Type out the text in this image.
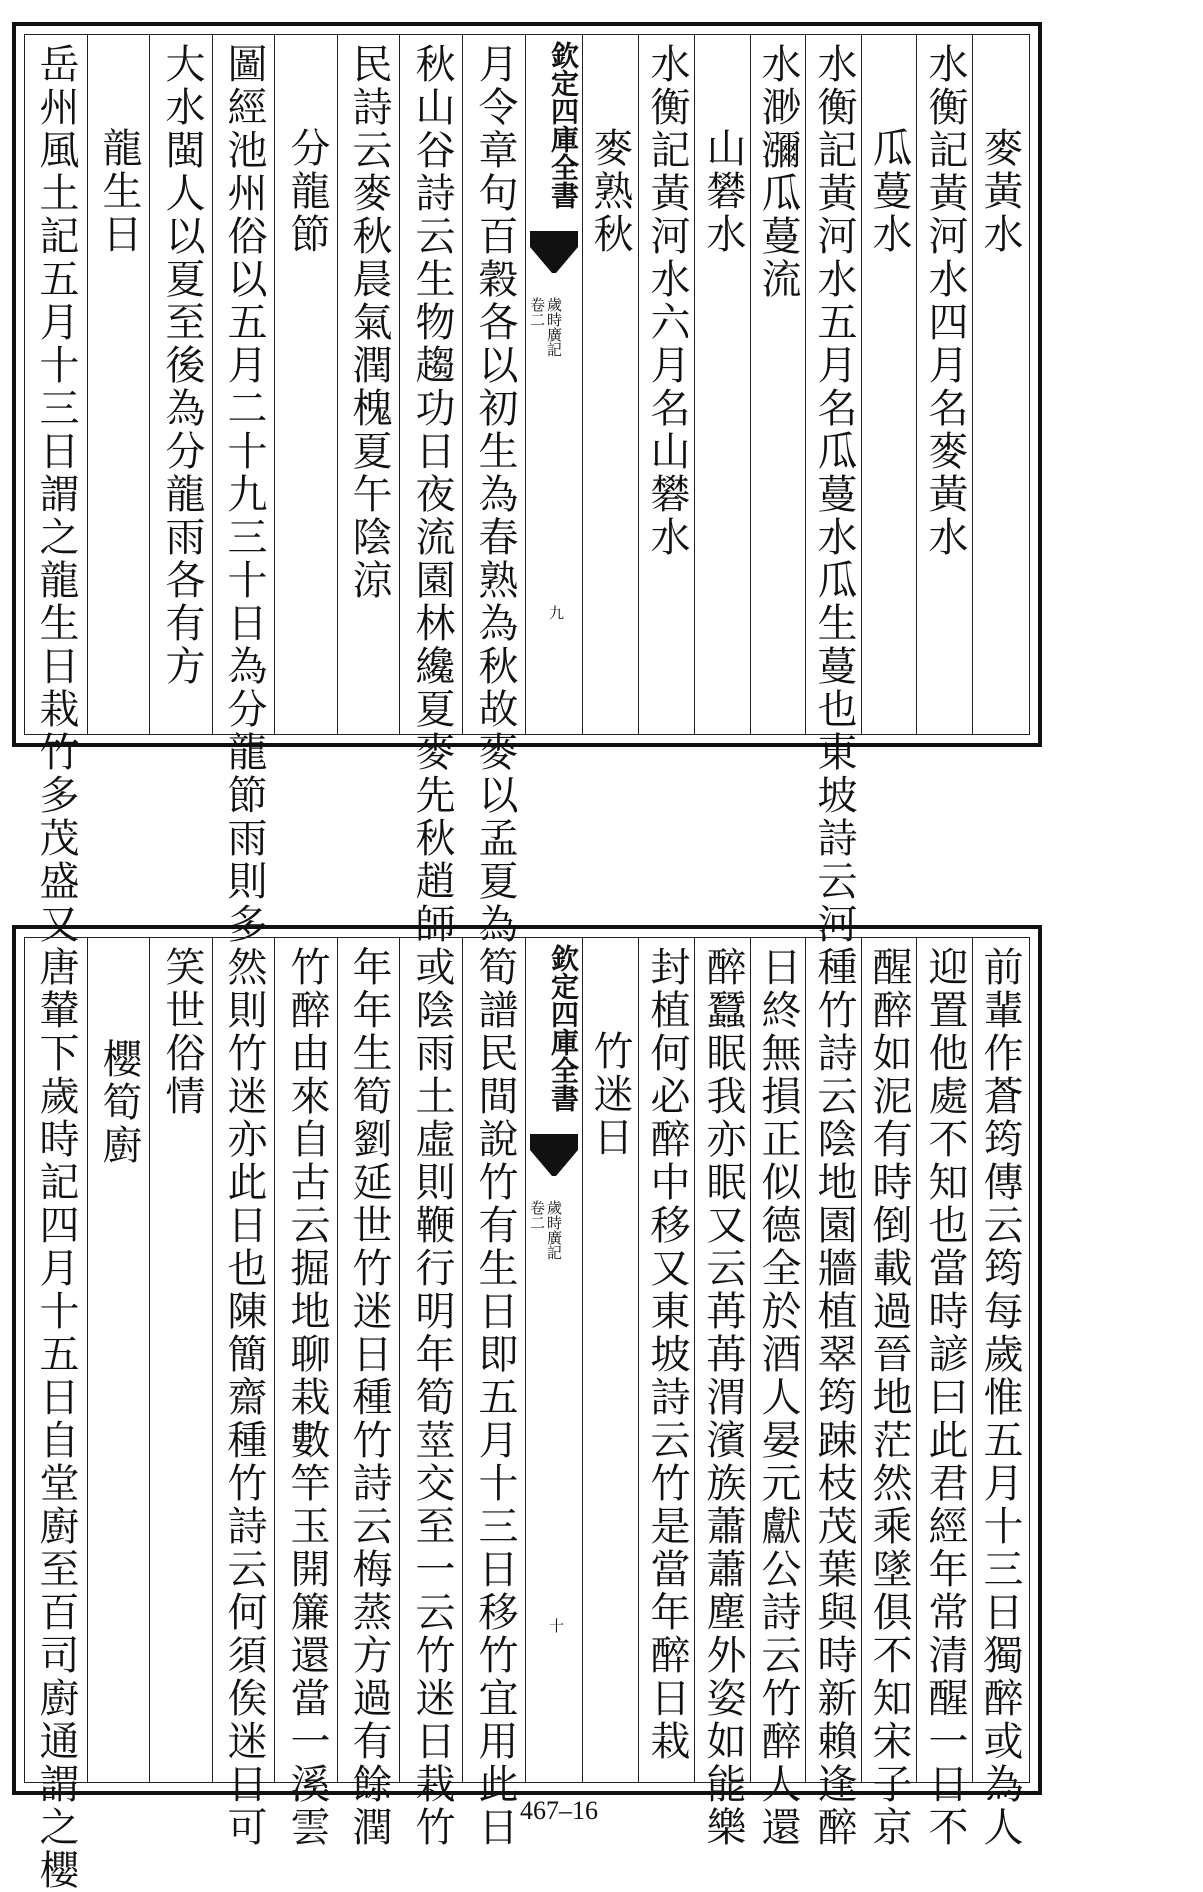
麥熟秋 水衡記黃河水六月名山礬水 山礬水 水渺瀰瓜蔓流 水衡記黃河水五月名瓜蔓水瓜生蔓也東坡詩云河 瓜蔓水 水衡記黃河水四月名麥黃水 麥黃水
欽定四庫全書
歲時廣記
卷二
九
岳州風土記五月十三日謂之龍生日栽竹多茂盛又 龍生日 大水閩人以夏至後為分龍雨各有方 圖經池州俗以五月二十九三十日為分龍節雨則多 分龍節 民詩云麥秋晨氣潤槐夏午陰涼 秋山谷詩云生物趨功日夜流園林纔夏麥先秋趙師 月令章句百穀各以初生為春熟為秋故麥以孟夏為
竹迷日 封植何必醉中移又東坡詩云竹是當年醉日栽 醉蠶眠我亦眠又云苒苒渭濱族蕭蕭塵外姿如能樂 日終無損正似德全於酒人晏元獻公詩云竹醉人還 種竹詩云陰地園牆植翠筠踈枝茂葉與時新賴逢醉 醒醉如泥有時倒載過晉地茫然乘墜俱不知宋子京 迎置他處不知也當時諺曰此君經年常清醒一日不 前輩作蒼筠傳云筠每歲惟五月十三日獨醉或為人
欽定四庫全書
歲時廣記
卷二
十
唐輦下歲時記四月十五日自堂廚至百司廚通謂之櫻 櫻筍廚 笑世俗情 然則竹迷亦此日也陳簡齋種竹詩云何須俟迷日可 竹醉由來自古云掘地聊栽數竿玉開簾還當一溪雲 年年生筍劉延世竹迷日種竹詩云梅蒸方過有餘潤 或陰雨土虛則鞭行明年筍莖交至一云竹迷日栽竹 筍譜民間說竹有生日即五月十三日移竹宜用此日 467–16
